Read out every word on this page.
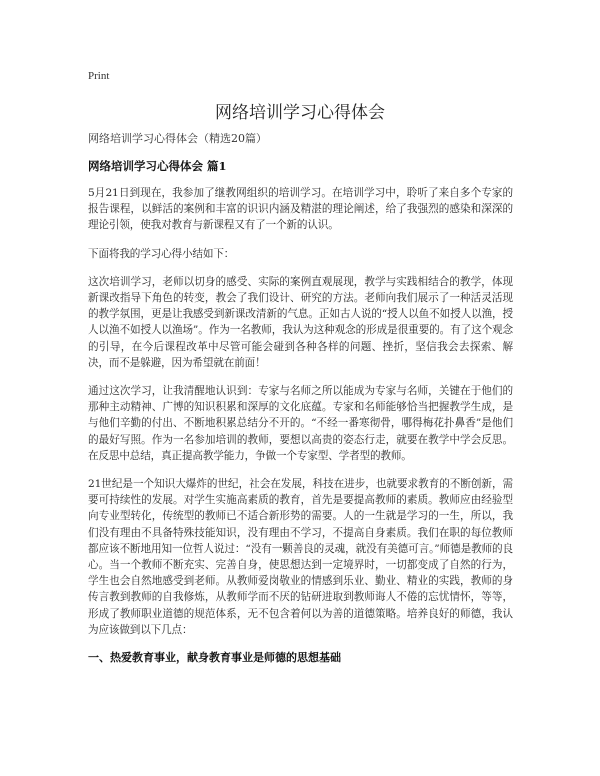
Print
网络培训学习心得体会

网络培训学习心得体会（精选20篇）

网络培训学习心得体会 篇1

5月21日到现在，我参加了继教网组织的培训学习。在培训学习中，聆听了来自多个专家的报告课程，以鲜活的案例和丰富的识识内涵及精湛的理论阐述，给了我强烈的感染和深深的理论引领，使我对教育与新课程又有了一个新的认识。

下面将我的学习心得小结如下：

这次培训学习，老师以切身的感受、实际的案例直观展现，教学与实践相结合的教学，体现新课改指导下角色的转变，教会了我们设计、研究的方法。老师向我们展示了一种活灵活现的教学氛围，更是让我感受到新课改清新的气息。正如古人说的“授人以鱼不如授人以渔，授人以渔不如授人以渔场”。作为一名教师，我认为这种观念的形成是很重要的。有了这个观念的引导，在今后课程改革中尽管可能会碰到各种各样的问题、挫折，坚信我会去探索、解决，而不是躲避，因为希望就在前面！

通过这次学习，让我清醒地认识到：专家与名师之所以能成为专家与名师，关键在于他们的那种主动精神、广博的知识积累和深厚的文化底蕴。专家和名师能够恰当把握教学生成，是与他们辛勤的付出、不断地积累总结分不开的。“不经一番寒彻骨，哪得梅花扑鼻香”是他们的最好写照。作为一名参加培训的教师，要想以高贵的姿态行走，就要在教学中学会反思。在反思中总结，真正提高教学能力，争做一个专家型、学者型的教师。

21世纪是一个知识大爆炸的世纪，社会在发展，科技在进步，也就要求教育的不断创新，需要可持续性的发展。对学生实施高素质的教育，首先是要提高教师的素质。教师应由经验型向专业型转化，传统型的教师已不适合新形势的需要。人的一生就是学习的一生，所以，我们没有理由不具备特殊技能知识，没有理由不学习，不提高自身素质。我们在职的每位教师都应该不断地用知一位哲人说过：“没有一颗善良的灵魂，就没有美德可言。”师德是教师的良心。当一个教师不断充实、完善自身，使思想达到一定境界时，一切都变成了自然的行为，学生也会自然地感受到老师。从教师爱岗敬业的情感到乐业、勤业、精业的实践，教师的身传言教到教师的自我修炼，从教师学而不厌的钻研进取到教师诲人不倦的忘忧情怀，等等，形成了教师职业道德的规范体系，无不包含着何以为善的道德策略。培养良好的师德，我认为应该做到以下几点：

一、热爱教育事业，献身教育事业是师德的思想基础
